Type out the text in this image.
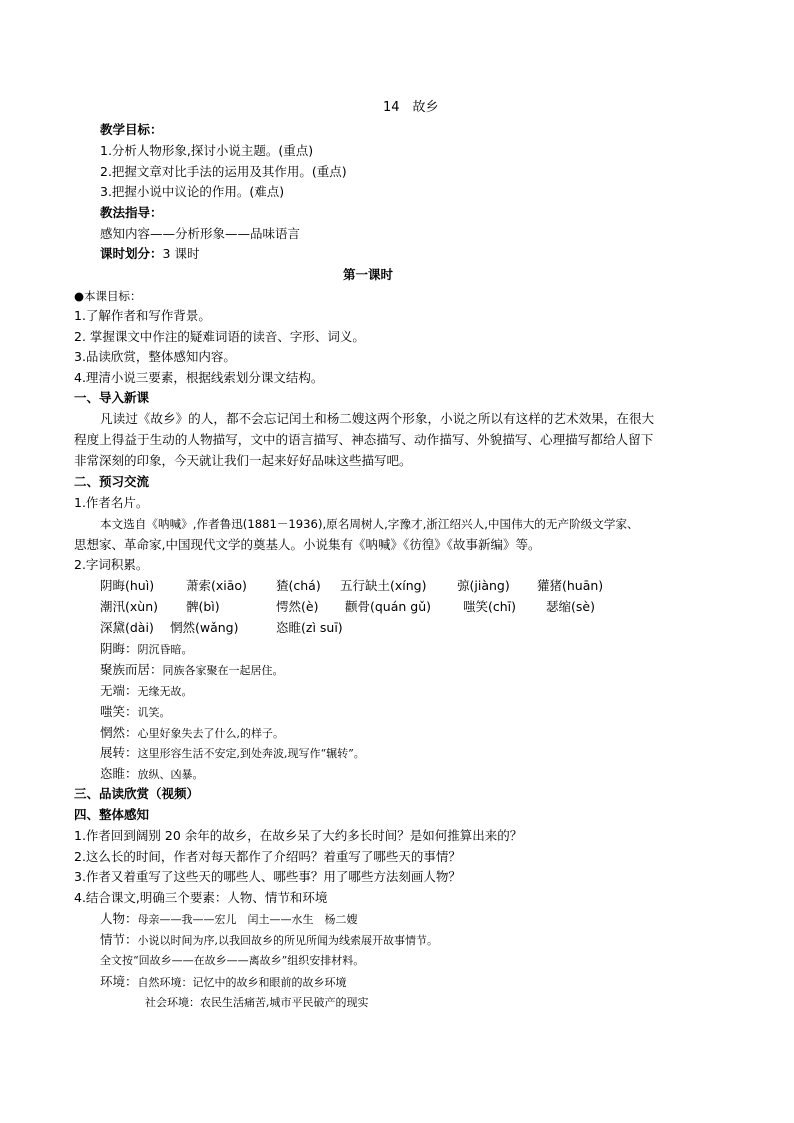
14　故乡
教学目标：
1.分析人物形象,探讨小说主题。(重点)
2.把握文章对比手法的运用及其作用。(重点)
3.把握小说中议论的作用。(难点)
教法指导：
感知内容——分析形象——品味语言
课时划分：3 课时
第一课时
●本课目标：
1.了解作者和写作背景。
2. 掌握课文中作注的疑难词语的读音、字形、词义。
3.品读欣赏，整体感知内容。
4.理清小说三要素，根据线索划分课文结构。
一、导入新课
凡读过《故乡》的人，都不会忘记闰土和杨二嫂这两个形象，小说之所以有这样的艺术效果，在很大
程度上得益于生动的人物描写，文中的语言描写、神态描写、动作描写、外貌描写、心理描写都给人留下
非常深刻的印象，今天就让我们一起来好好品味这些描写吧。
二、预习交流
1.作者名片。
本文选自《呐喊》,作者鲁迅(1881－1936),原名周树人,字豫才,浙江绍兴人,中国伟大的无产阶级文学家、
思想家、革命家,中国现代文学的奠基人。小说集有《呐喊》《彷徨》《故事新编》等。
2.字词积累。
阴晦(huì)	萧索(xiāo) 猹(chá) 五行缺土(xíng) 弶(jiàng) 獾猪(huān)
潮汛(xùn) 髀(bì)	愕然(è) 颧骨(quán gǔ)	嗤笑(chī) 瑟缩(sè)
深黛(dài) 惘然(wǎng)	恣睢(zì suī)
阴晦：阴沉昏暗。
聚族而居：同族各家聚在一起居住。
无端：无缘无故。
嗤笑：讥笑。
惘然：心里好象失去了什么,的样子。
展转：这里形容生活不安定,到处奔波,现写作“辗转”。
恣睢：放纵、凶暴。
三、品读欣赏（视频）
四、整体感知
1.作者回到阔别 20 余年的故乡，在故乡呆了大约多长时间？是如何推算出来的？
2.这么长的时间，作者对每天都作了介绍吗？着重写了哪些天的事情？
3.作者又着重写了这些天的哪些人、哪些事？用了哪些方法刻画人物？
4.结合课文,明确三个要素：人物、情节和环境
人物：母亲——我——宏儿　闰土——水生　杨二嫂
情节：小说以时间为序,以我回故乡的所见所闻为线索展开故事情节。
全文按“回故乡——在故乡——离故乡”组织安排材料。
环境：自然环境：记忆中的故乡和眼前的故乡环境
社会环境：农民生活痛苦,城市平民破产的现实
